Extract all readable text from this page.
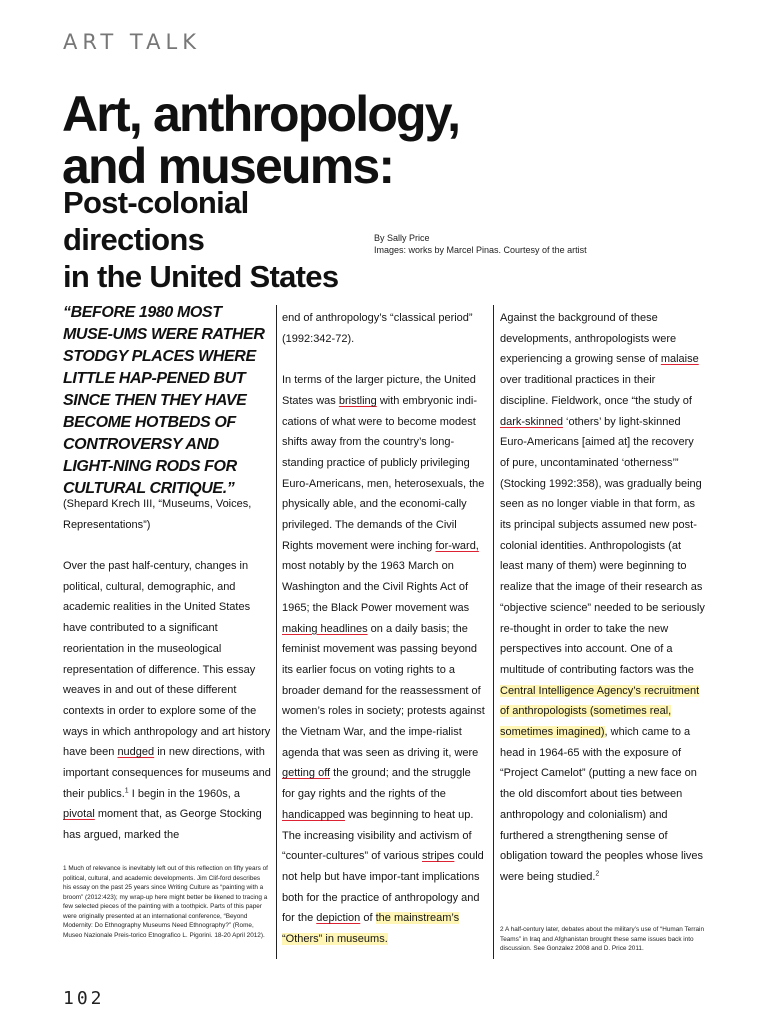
ART TALK
Art, anthropology,
and museums:
Post-colonial directions
in the United States
By Sally Price
Images: works by Marcel Pinas. Courtesy of the artist
“BEFORE 1980 MOST MUSE-UMS WERE RATHER STODGY PLACES WHERE LITTLE HAP-PENED BUT SINCE THEN THEY HAVE BECOME HOTBEDS OF CONTROVERSY AND LIGHT-NING RODS FOR CULTURAL CRITIQUE.”
(Shepard Krech III, “Museums, Voices, Representations”)

Over the past half-century, changes in political, cultural, demographic, and academic realities in the United States have contributed to a significant reorientation in the museological representation of difference. This essay weaves in and out of these different contexts in order to explore some of the ways in which anthropology and art history have been nudged in new directions, with important consequences for museums and their publics.$^1$ I begin in the 1960s, a pivotal moment that, as George Stocking has argued, marked the

end of anthropology’s “classical period” (1992:342-72).

In terms of the larger picture, the United States was bristling with embryonic indi-cations of what were to become modest shifts away from the country’s long-standing practice of publicly privileging Euro-Americans, men, heterosexuals, the physically able, and the economi-cally privileged. The demands of the Civil Rights movement were inching for-ward, most notably by the 1963 March on Washington and the Civil Rights Act of 1965; the Black Power movement was making headlines on a daily basis; the feminist movement was passing beyond its earlier focus on voting rights to a broader demand for the reassessment of women’s roles in society; protests against the Vietnam War, and the impe-rialist agenda that was seen as driving it, were getting off the ground; and the struggle for gay rights and the rights of the handicapped was beginning to heat up. The increasing visibility and activism of “counter-cultures” of various stripes could not help but have impor-tant implications both for the practice of anthropology and for the depiction of the mainstream’s “Others” in museums.

Against the background of these developments, anthropologists were experiencing a growing sense of malaise over traditional practices in their discipline. Fieldwork, once “the study of dark-skinned ‘others’ by light-skinned Euro-Americans [aimed at] the recovery of pure, uncontaminated ‘otherness’” (Stocking 1992:358), was gradually being seen as no longer viable in that form, as its principal subjects assumed new post-colonial identities. Anthropologists (at least many of them) were beginning to realize that the image of their research as “objective science” needed to be seriously re-thought in order to take the new perspectives into account. One of a multitude of contributing factors was the Central Intelligence Agency’s recruitment of anthropologists (sometimes real, sometimes imagined), which came to a head in 1964-65 with the exposure of “Project Camelot” (putting a new face on the old discomfort about ties between anthropology and colonialism) and furthered a strengthening sense of obligation toward the peoples whose lives were being studied.$^2$

1 Much of relevance is inevitably left out of this reflection on fifty years of political, cultural, and academic developments. Jim Clif-ford describes his essay on the past 25 years since Writing Culture as “painting with a broom” (2012:423); my wrap-up here might better be likened to tracing a few selected pieces of the painting with a toothpick. Parts of this paper were originally presented at an international conference, “Beyond Modernity: Do Ethnography Museums Need Ethnography?” (Rome, Museo Nazionale Preis-torico Etnografico L. Pigorini. 18-20 April 2012).
2 A half-century later, debates about the military’s use of “Human Terrain Teams” in Iraq and Afghanistan brought these same issues back into discussion. See Gonzalez 2008 and D. Price 2011.
102
